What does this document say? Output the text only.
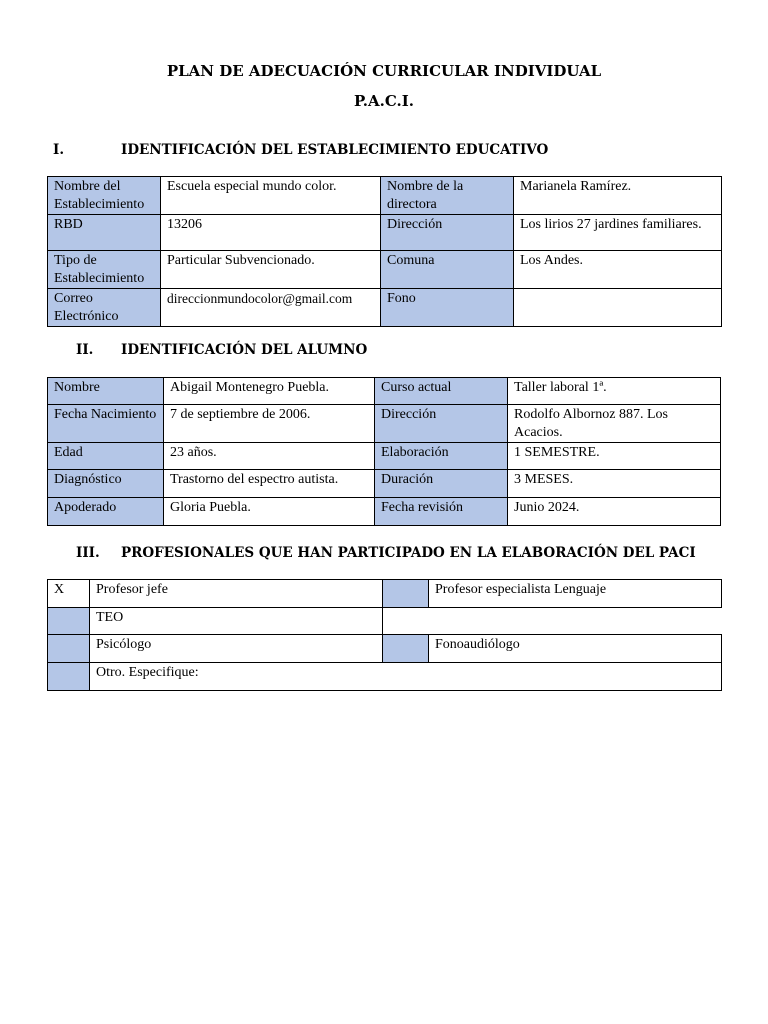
PLAN DE ADECUACIÓN CURRICULAR INDIVIDUAL
P.A.C.I.
I.	IDENTIFICACIÓN DEL ESTABLECIMIENTO EDUCATIVO
Nombre del Establecimiento	Escuela especial mundo color.	Nombre de la directora	Marianela Ramírez.
RBD	13206	Dirección	Los lirios 27 jardines familiares.
Tipo de Establecimiento	Particular Subvencionado.	Comuna	Los Andes.
Correo Electrónico	direccionmundocolor@gmail.com	Fono	
II. IDENTIFICACIÓN DEL ALUMNO
Nombre	Abigail Montenegro Puebla.	Curso actual	Taller laboral 1ª.
Fecha Nacimiento	7 de septiembre de 2006.	Dirección	Rodolfo Albornoz 887. Los Acacios.
Edad	23 años.	Elaboración	1 SEMESTRE.
Diagnóstico	Trastorno del espectro autista.	Duración	3 MESES.
Apoderado	Gloria Puebla.	Fecha revisión	Junio 2024.
III. PROFESIONALES QUE HAN PARTICIPADO EN LA ELABORACIÓN DEL PACI
X	Profesor jefe		Profesor especialista Lenguaje
	TEO		
	Psicólogo		Fonoaudiólogo
	Otro. Especifique:		
